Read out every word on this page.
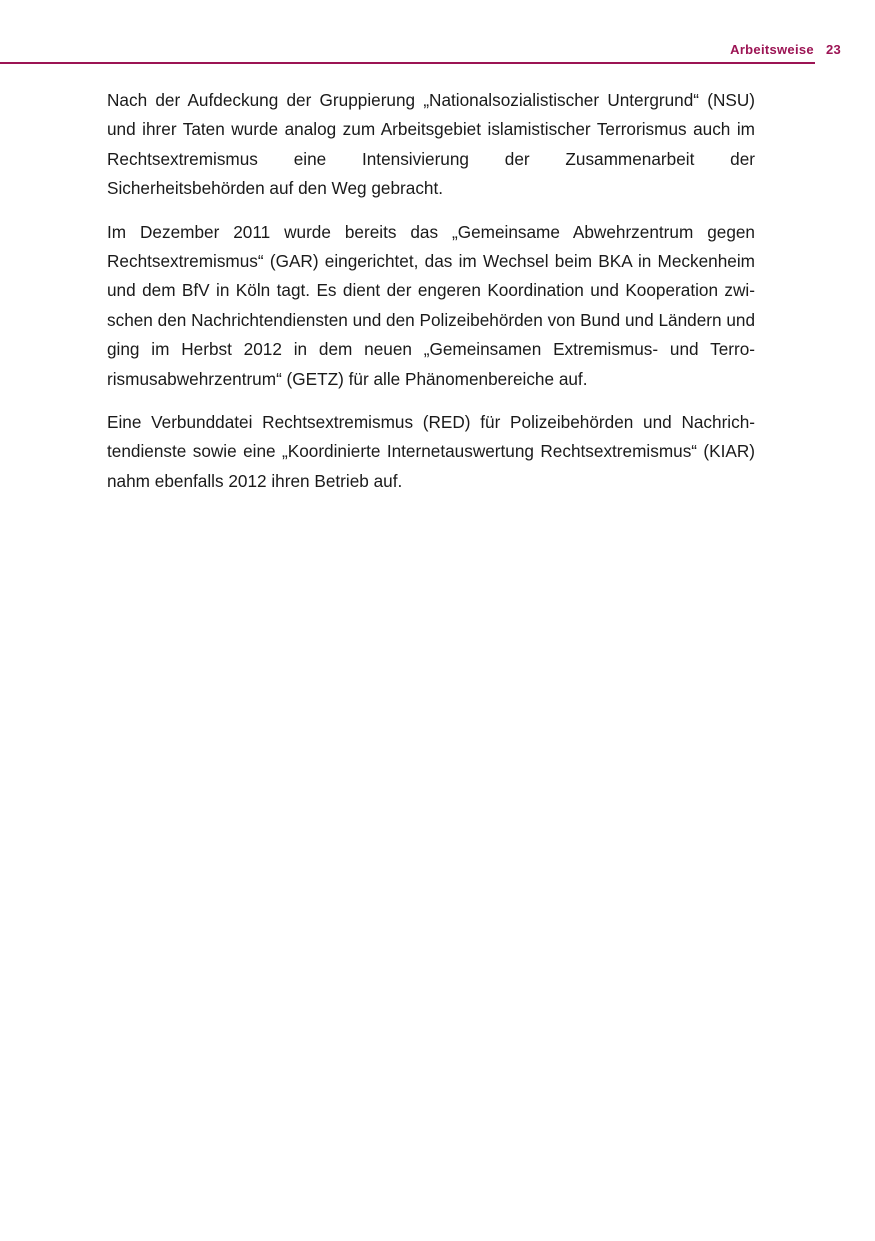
Arbeitsweise 23

Nach der Aufdeckung der Gruppierung „Nationalsozialistischer Untergrund“ (NSU) und ihrer Taten wurde analog zum Arbeitsgebiet islamistischer Terrorismus auch im Rechtsextremismus eine Intensivierung der Zusammenarbeit der Sicherheitsbehörden auf den Weg gebracht.

Im Dezember 2011 wurde bereits das „Gemeinsame Abwehrzentrum gegen Rechtsextremismus“ (GAR) eingerichtet, das im Wechsel beim BKA in Meckenheim und dem BfV in Köln tagt. Es dient der engeren Koordination und Kooperation zwischen den Nachrichtendiensten und den Polizeibehörden von Bund und Ländern und ging im Herbst 2012 in dem neuen „Gemeinsamen Extremismus- und Terrorismusabwehrzentrum“ (GETZ) für alle Phänomenbereiche auf.

Eine Verbunddatei Rechtsextremismus (RED) für Polizeibehörden und Nachrichtendienste sowie eine „Koordinierte Internetauswertung Rechtsextremismus“ (KIAR) nahm ebenfalls 2012 ihren Betrieb auf.
